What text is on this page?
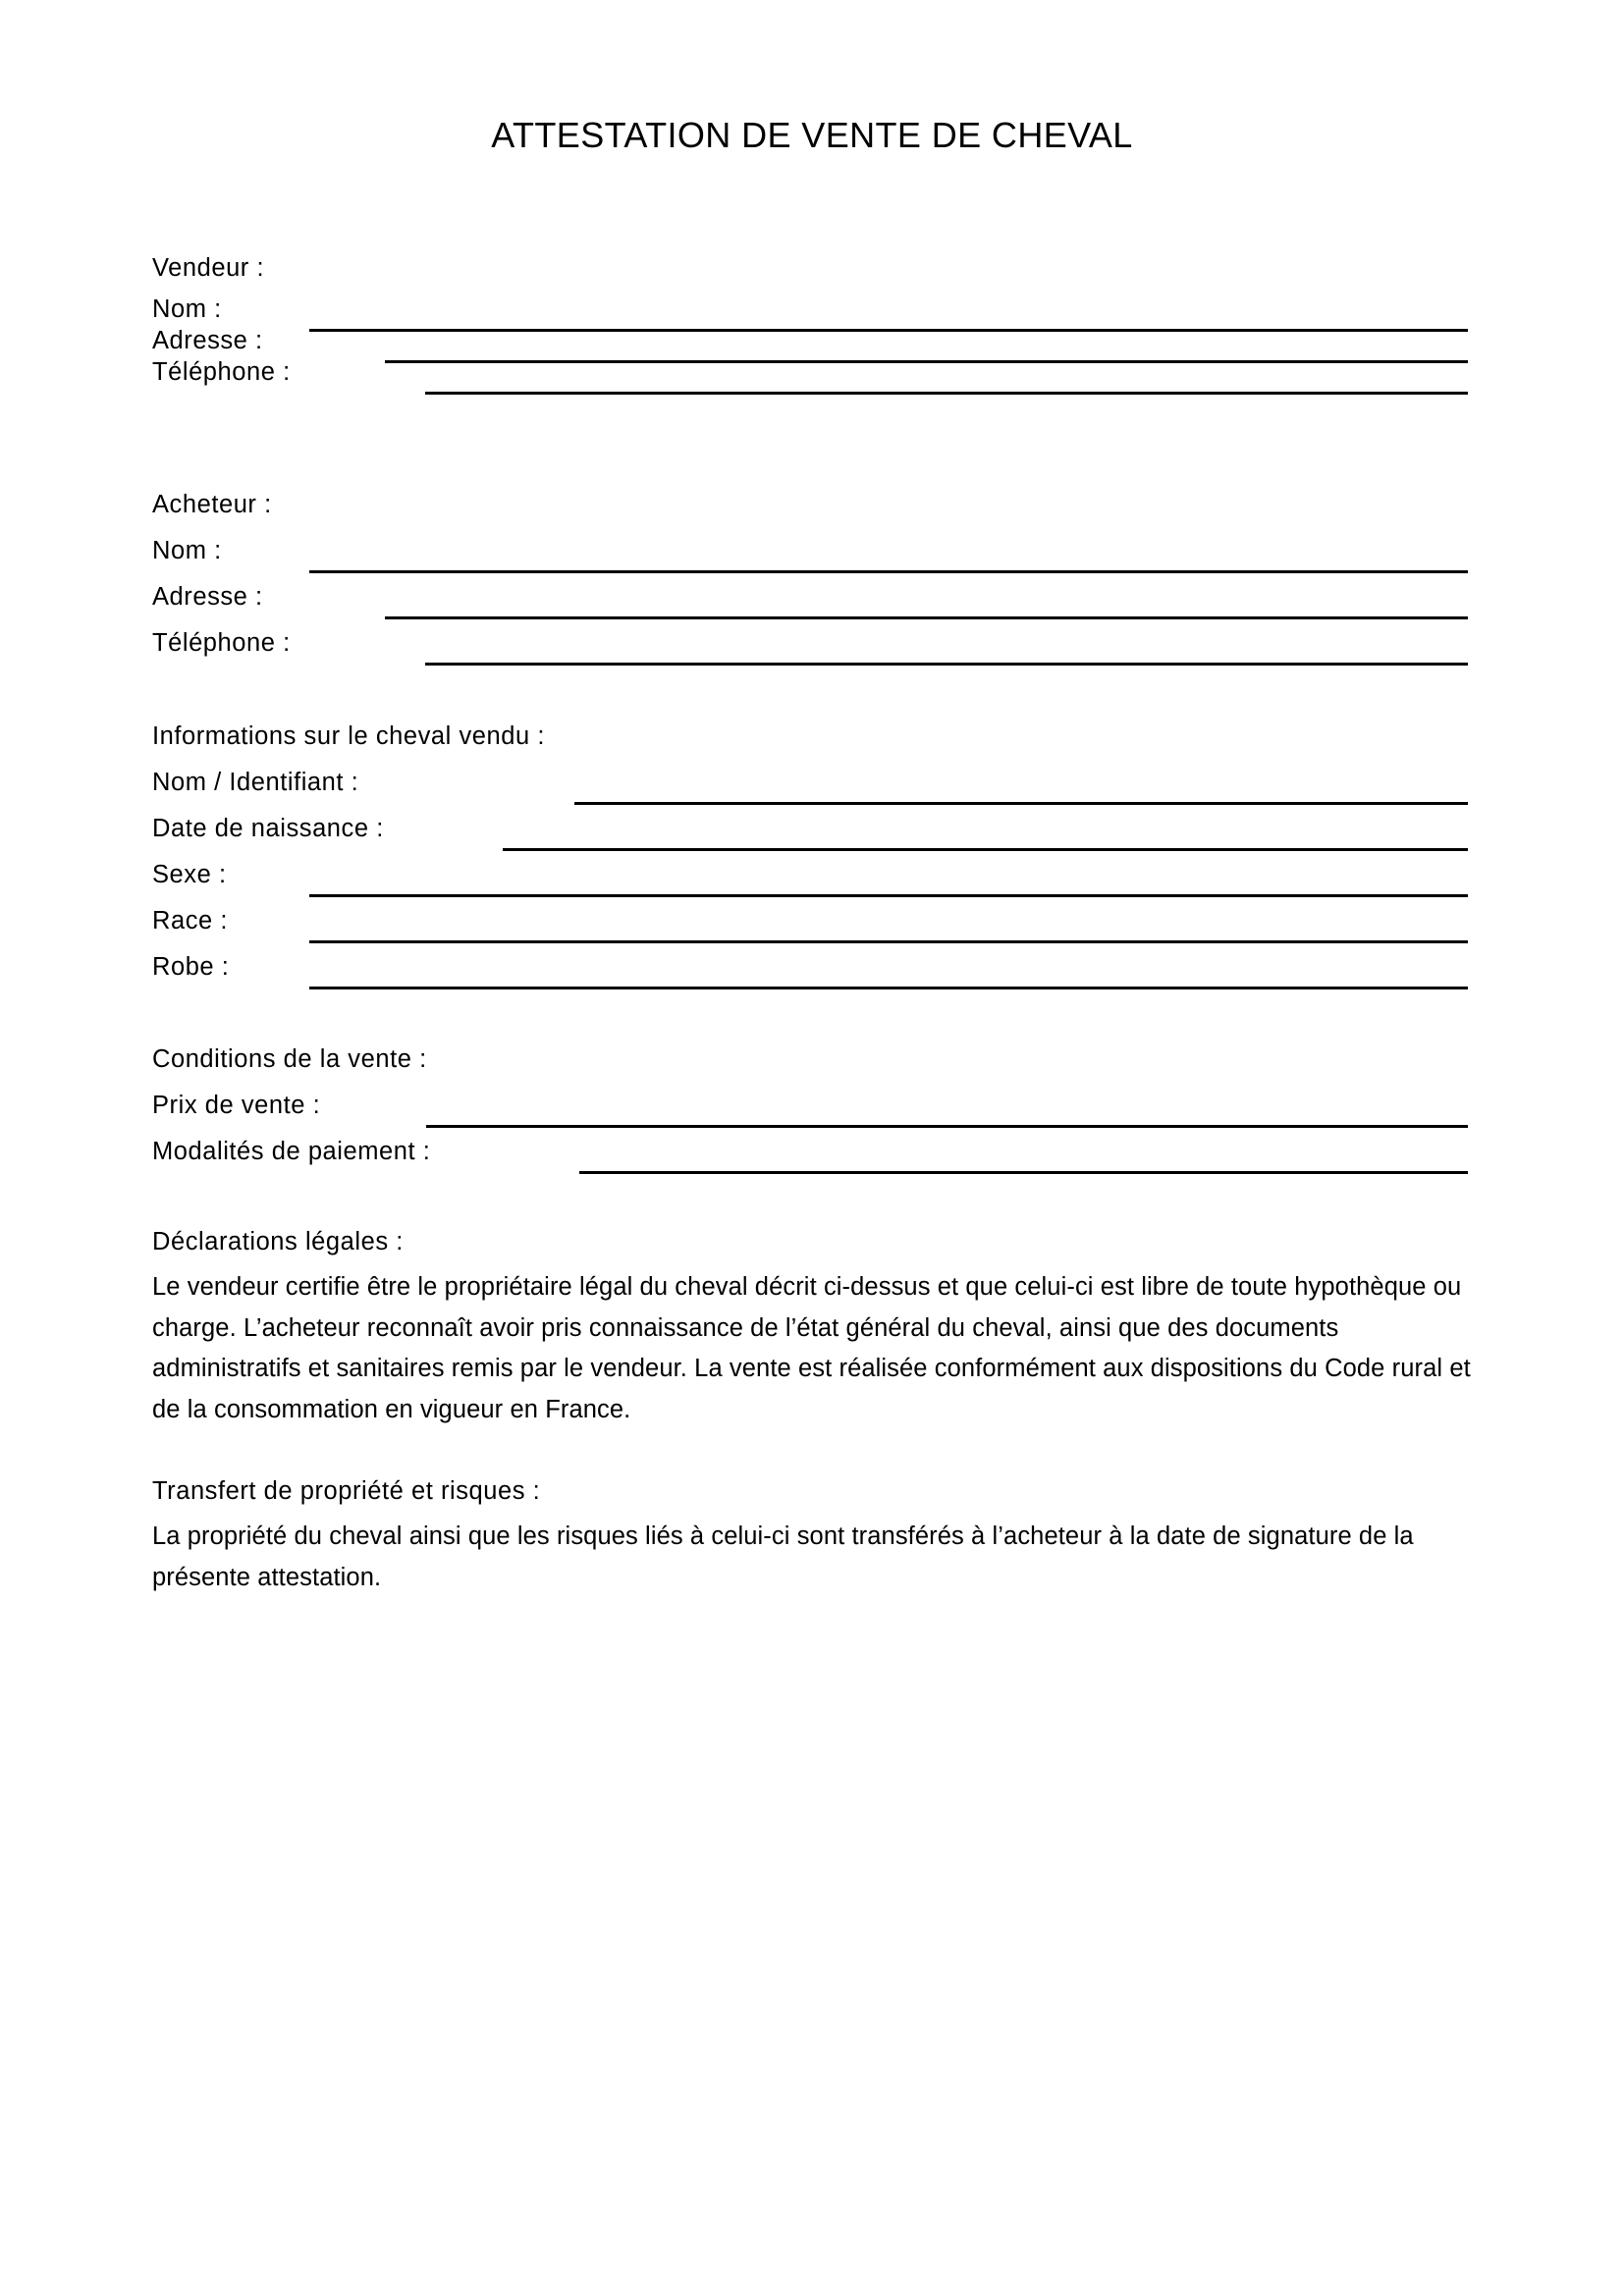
ATTESTATION DE VENTE DE CHEVAL
Vendeur :
Nom :
Adresse :
Téléphone :
Acheteur :
Nom :
Adresse :
Téléphone :
Informations sur le cheval vendu :
Nom / Identifiant :
Date de naissance :
Sexe :
Race :
Robe :
Conditions de la vente :
Prix de vente :
Modalités de paiement :
Déclarations légales :
Le vendeur certifie être le propriétaire légal du cheval décrit ci-dessus et que celui-ci est libre de toute hypothèque ou charge. L’acheteur reconnaît avoir pris connaissance de l’état général du cheval, ainsi que des documents administratifs et sanitaires remis par le vendeur. La vente est réalisée conformément aux dispositions du Code rural et de la consommation en vigueur en France.
Transfert de propriété et risques :
La propriété du cheval ainsi que les risques liés à celui-ci sont transférés à l’acheteur à la date de signature de la présente attestation.
